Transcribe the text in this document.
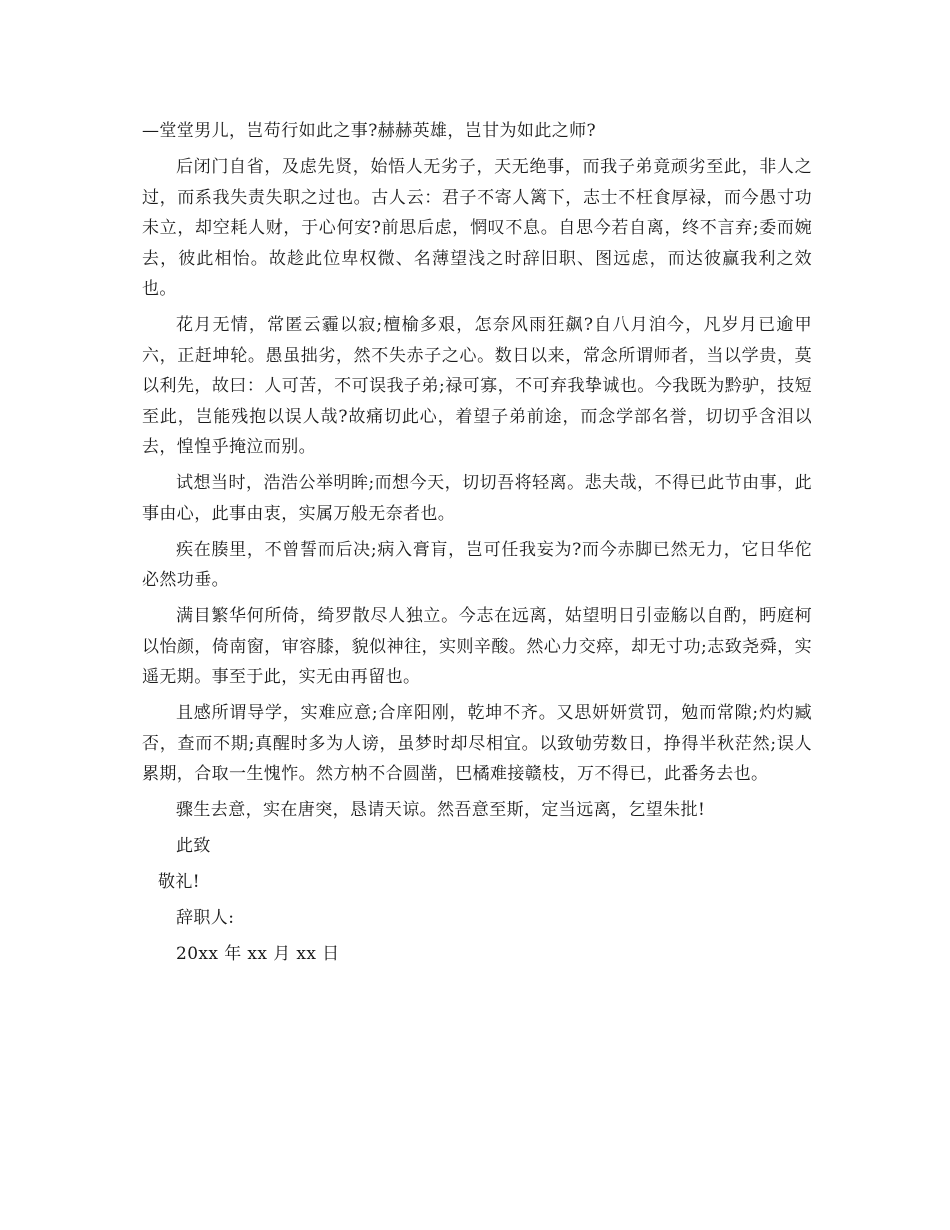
—堂堂男儿，岂苟行如此之事?赫赫英雄，岂甘为如此之师?

后闭门自省，及虑先贤，始悟人无劣子，天无绝事，而我子弟竟顽劣至此，非人之过，而系我失责失职之过也。古人云：君子不寄人篱下，志士不枉食厚禄，而今愚寸功未立，却空耗人财，于心何安?前思后虑，惘叹不息。自思今若自离，终不言弃;委而婉去，彼此相怡。故趁此位卑权微、名薄望浅之时辞旧职、图远虑，而达彼赢我利之效也。

花月无情，常匿云霾以寂;檀榆多艰，怎奈风雨狂飙?自八月洎今，凡岁月已逾甲六，正赶坤轮。愚虽拙劣，然不失赤子之心。数日以来，常念所谓师者，当以学贵，莫以利先，故曰：人可苦，不可误我子弟;禄可寡，不可弃我挚诚也。今我既为黔驴，技短至此，岂能残抱以误人哉?故痛切此心，着望子弟前途，而念学部名誉，切切乎含泪以去，惶惶乎掩泣而别。

试想当时，浩浩公举明眸;而想今天，切切吾将轻离。悲夫哉，不得已此节由事，此事由心，此事由衷，实属万般无奈者也。

疾在腠里，不曾誓而后决;病入膏肓，岂可任我妄为?而今赤脚已然无力，它日华佗必然功垂。

满目繁华何所倚，绮罗散尽人独立。今志在远离，姑望明日引壶觞以自酌，眄庭柯以怡颜，倚南窗，审容膝，貌似神往，实则辛酸。然心力交瘁，却无寸功;志致尧舜，实遥无期。事至于此，实无由再留也。

且感所谓导学，实难应意;合庠阳刚，乾坤不齐。又思妍妍赏罚，勉而常隙;灼灼臧否，查而不期;真醒时多为人谤，虽梦时却尽相宜。以致劬劳数日，挣得半秋茫然;误人累期，合取一生愧怍。然方枘不合圆凿，巴橘难接赣枝，万不得已，此番务去也。

骤生去意，实在唐突，恳请天谅。然吾意至斯，定当远离，乞望朱批!

此致

敬礼!

辞职人:

20xx 年 xx 月 xx 日
